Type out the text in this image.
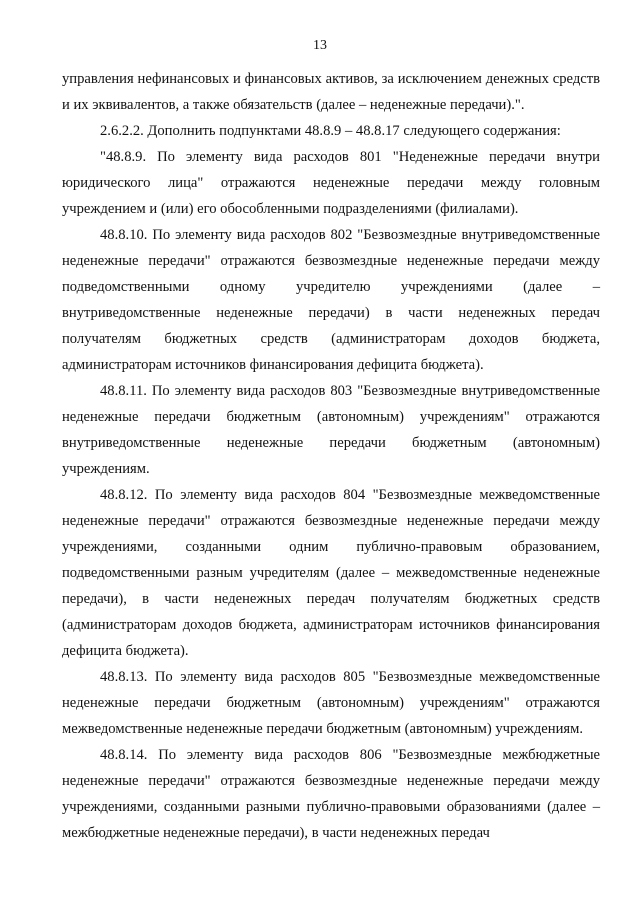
13

управления нефинансовых и финансовых активов, за исключением денежных средств и их эквивалентов, а также обязательств (далее – неденежные передачи).".

2.6.2.2. Дополнить подпунктами 48.8.9 – 48.8.17 следующего содержания:

"48.8.9. По элементу вида расходов 801 "Неденежные передачи внутри юридического лица" отражаются неденежные передачи между головным учреждением и (или) его обособленными подразделениями (филиалами).

48.8.10. По элементу вида расходов 802 "Безвозмездные внутриведомственные неденежные передачи" отражаются безвозмездные неденежные передачи между подведомственными одному учредителю учреждениями (далее – внутриведомственные неденежные передачи) в части неденежных передач получателям бюджетных средств (администраторам доходов бюджета, администраторам источников финансирования дефицита бюджета).

48.8.11. По элементу вида расходов 803 "Безвозмездные внутриведомственные неденежные передачи бюджетным (автономным) учреждениям" отражаются внутриведомственные неденежные передачи бюджетным (автономным) учреждениям.

48.8.12. По элементу вида расходов 804 "Безвозмездные межведомственные неденежные передачи" отражаются безвозмездные неденежные передачи между учреждениями, созданными одним публично-правовым образованием, подведомственными разным учредителям (далее – межведомственные неденежные передачи), в части неденежных передач получателям бюджетных средств (администраторам доходов бюджета, администраторам источников финансирования дефицита бюджета).

48.8.13. По элементу вида расходов 805 "Безвозмездные межведомственные неденежные передачи бюджетным (автономным) учреждениям" отражаются межведомственные неденежные передачи бюджетным (автономным) учреждениям.

48.8.14. По элементу вида расходов 806 "Безвозмездные межбюджетные неденежные передачи" отражаются безвозмездные неденежные передачи между учреждениями, созданными разными публично-правовыми образованиями (далее – межбюджетные неденежные передачи), в части неденежных передач
